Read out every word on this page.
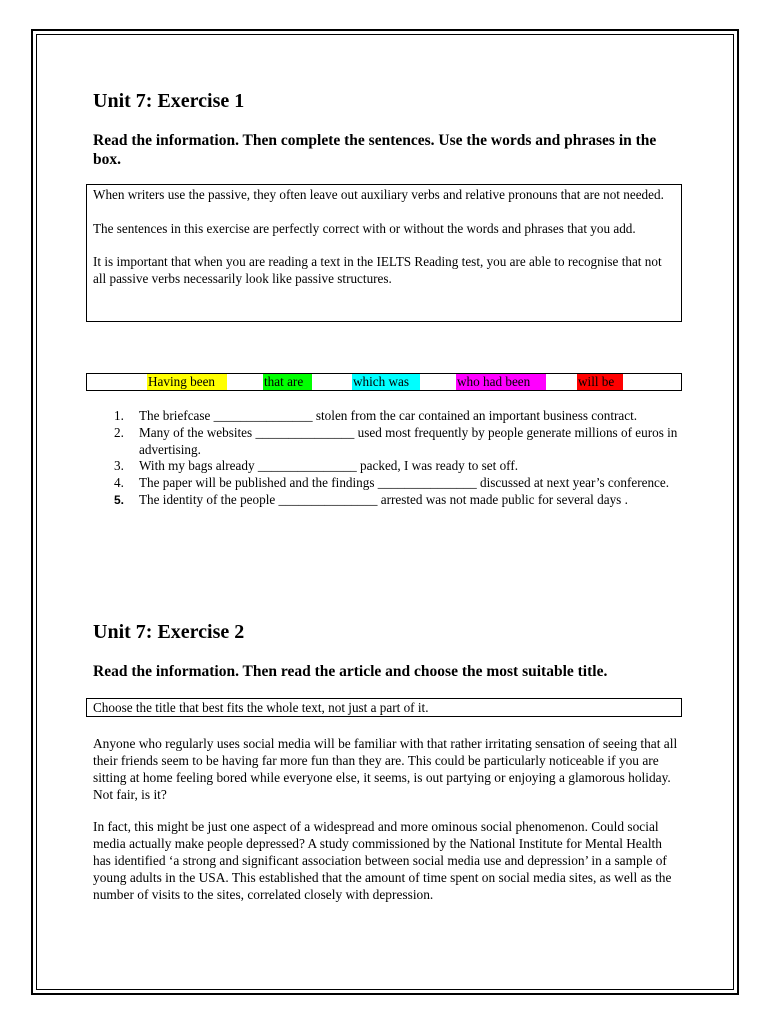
Unit 7: Exercise 1

Read the information. Then complete the sentences. Use the words and phrases in the box.

When writers use the passive, they often leave out auxiliary verbs and relative pronouns that are not needed.

The sentences in this exercise are perfectly correct with or without the words and phrases that you add.

It is important that when you are reading a text in the IELTS Reading test, you are able to recognise that not all passive verbs necessarily look like passive structures.

Having been	that are	which was	who had been	will be
1. The briefcase _______________ stolen from the car contained an important business contract.
2. Many of the websites _______________ used most frequently by people generate millions of euros in advertising.
3. With my bags already _______________ packed, I was ready to set off.
4. The paper will be published and the findings _______________ discussed at next year’s conference.
5. The identity of the people _______________ arrested was not made public for several days .
Unit 7: Exercise 2

Read the information. Then read the article and choose the most suitable title.

Choose the title that best fits the whole text, not just a part of it.

Anyone who regularly uses social media will be familiar with that rather irritating sensation of seeing that all their friends seem to be having far more fun than they are. This could be particularly noticeable if you are sitting at home feeling bored while everyone else, it seems, is out partying or enjoying a glamorous holiday. Not fair, is it?

In fact, this might be just one aspect of a widespread and more ominous social phenomenon. Could social media actually make people depressed? A study commissioned by the National Institute for Mental Health has identified ‘a strong and significant association between social media use and depression’ in a sample of young adults in the USA. This established that the amount of time spent on social media sites, as well as the number of visits to the sites, correlated closely with depression.
